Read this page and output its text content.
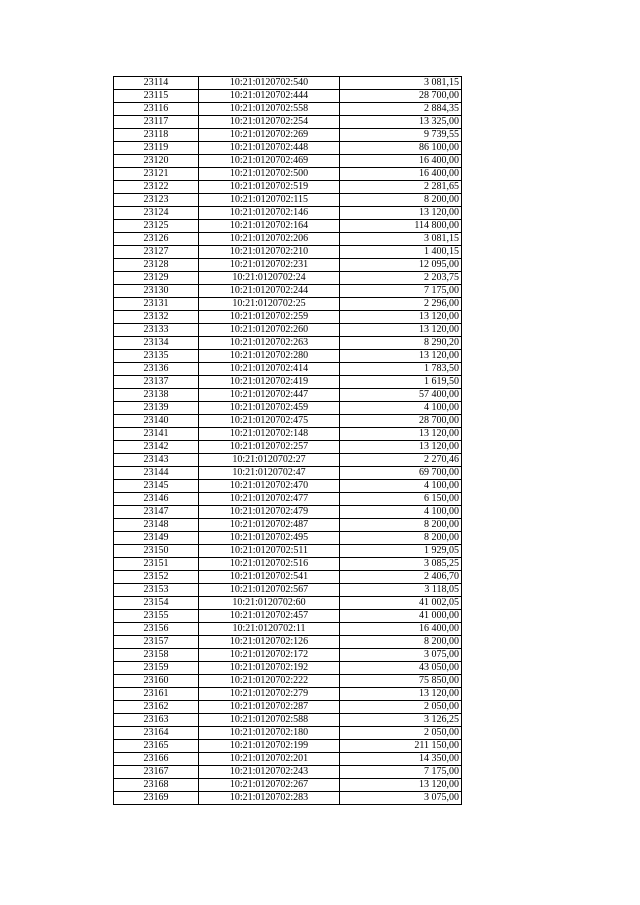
23114	10:21:0120702:540	3 081,15
23115	10:21:0120702:444	28 700,00
23116	10:21:0120702:558	2 884,35
23117	10:21:0120702:254	13 325,00
23118	10:21:0120702:269	9 739,55
23119	10:21:0120702:448	86 100,00
23120	10:21:0120702:469	16 400,00
23121	10:21:0120702:500	16 400,00
23122	10:21:0120702:519	2 281,65
23123	10:21:0120702:115	8 200,00
23124	10:21:0120702:146	13 120,00
23125	10:21:0120702:164	114 800,00
23126	10:21:0120702:206	3 081,15
23127	10:21:0120702:210	1 400,15
23128	10:21:0120702:231	12 095,00
23129	10:21:0120702:24	2 203,75
23130	10:21:0120702:244	7 175,00
23131	10:21:0120702:25	2 296,00
23132	10:21:0120702:259	13 120,00
23133	10:21:0120702:260	13 120,00
23134	10:21:0120702:263	8 290,20
23135	10:21:0120702:280	13 120,00
23136	10:21:0120702:414	1 783,50
23137	10:21:0120702:419	1 619,50
23138	10:21:0120702:447	57 400,00
23139	10:21:0120702:459	4 100,00
23140	10:21:0120702:475	28 700,00
23141	10:21:0120702:148	13 120,00
23142	10:21:0120702:257	13 120,00
23143	10:21:0120702:27	2 270,46
23144	10:21:0120702:47	69 700,00
23145	10:21:0120702:470	4 100,00
23146	10:21:0120702:477	6 150,00
23147	10:21:0120702:479	4 100,00
23148	10:21:0120702:487	8 200,00
23149	10:21:0120702:495	8 200,00
23150	10:21:0120702:511	1 929,05
23151	10:21:0120702:516	3 085,25
23152	10:21:0120702:541	2 406,70
23153	10:21:0120702:567	3 118,05
23154	10:21:0120702:60	41 002,05
23155	10:21:0120702:457	41 000,00
23156	10:21:0120702:11	16 400,00
23157	10:21:0120702:126	8 200,00
23158	10:21:0120702:172	3 075,00
23159	10:21:0120702:192	43 050,00
23160	10:21:0120702:222	75 850,00
23161	10:21:0120702:279	13 120,00
23162	10:21:0120702:287	2 050,00
23163	10:21:0120702:588	3 126,25
23164	10:21:0120702:180	2 050,00
23165	10:21:0120702:199	211 150,00
23166	10:21:0120702:201	14 350,00
23167	10:21:0120702:243	7 175,00
23168	10:21:0120702:267	13 120,00
23169	10:21:0120702:283	3 075,00
